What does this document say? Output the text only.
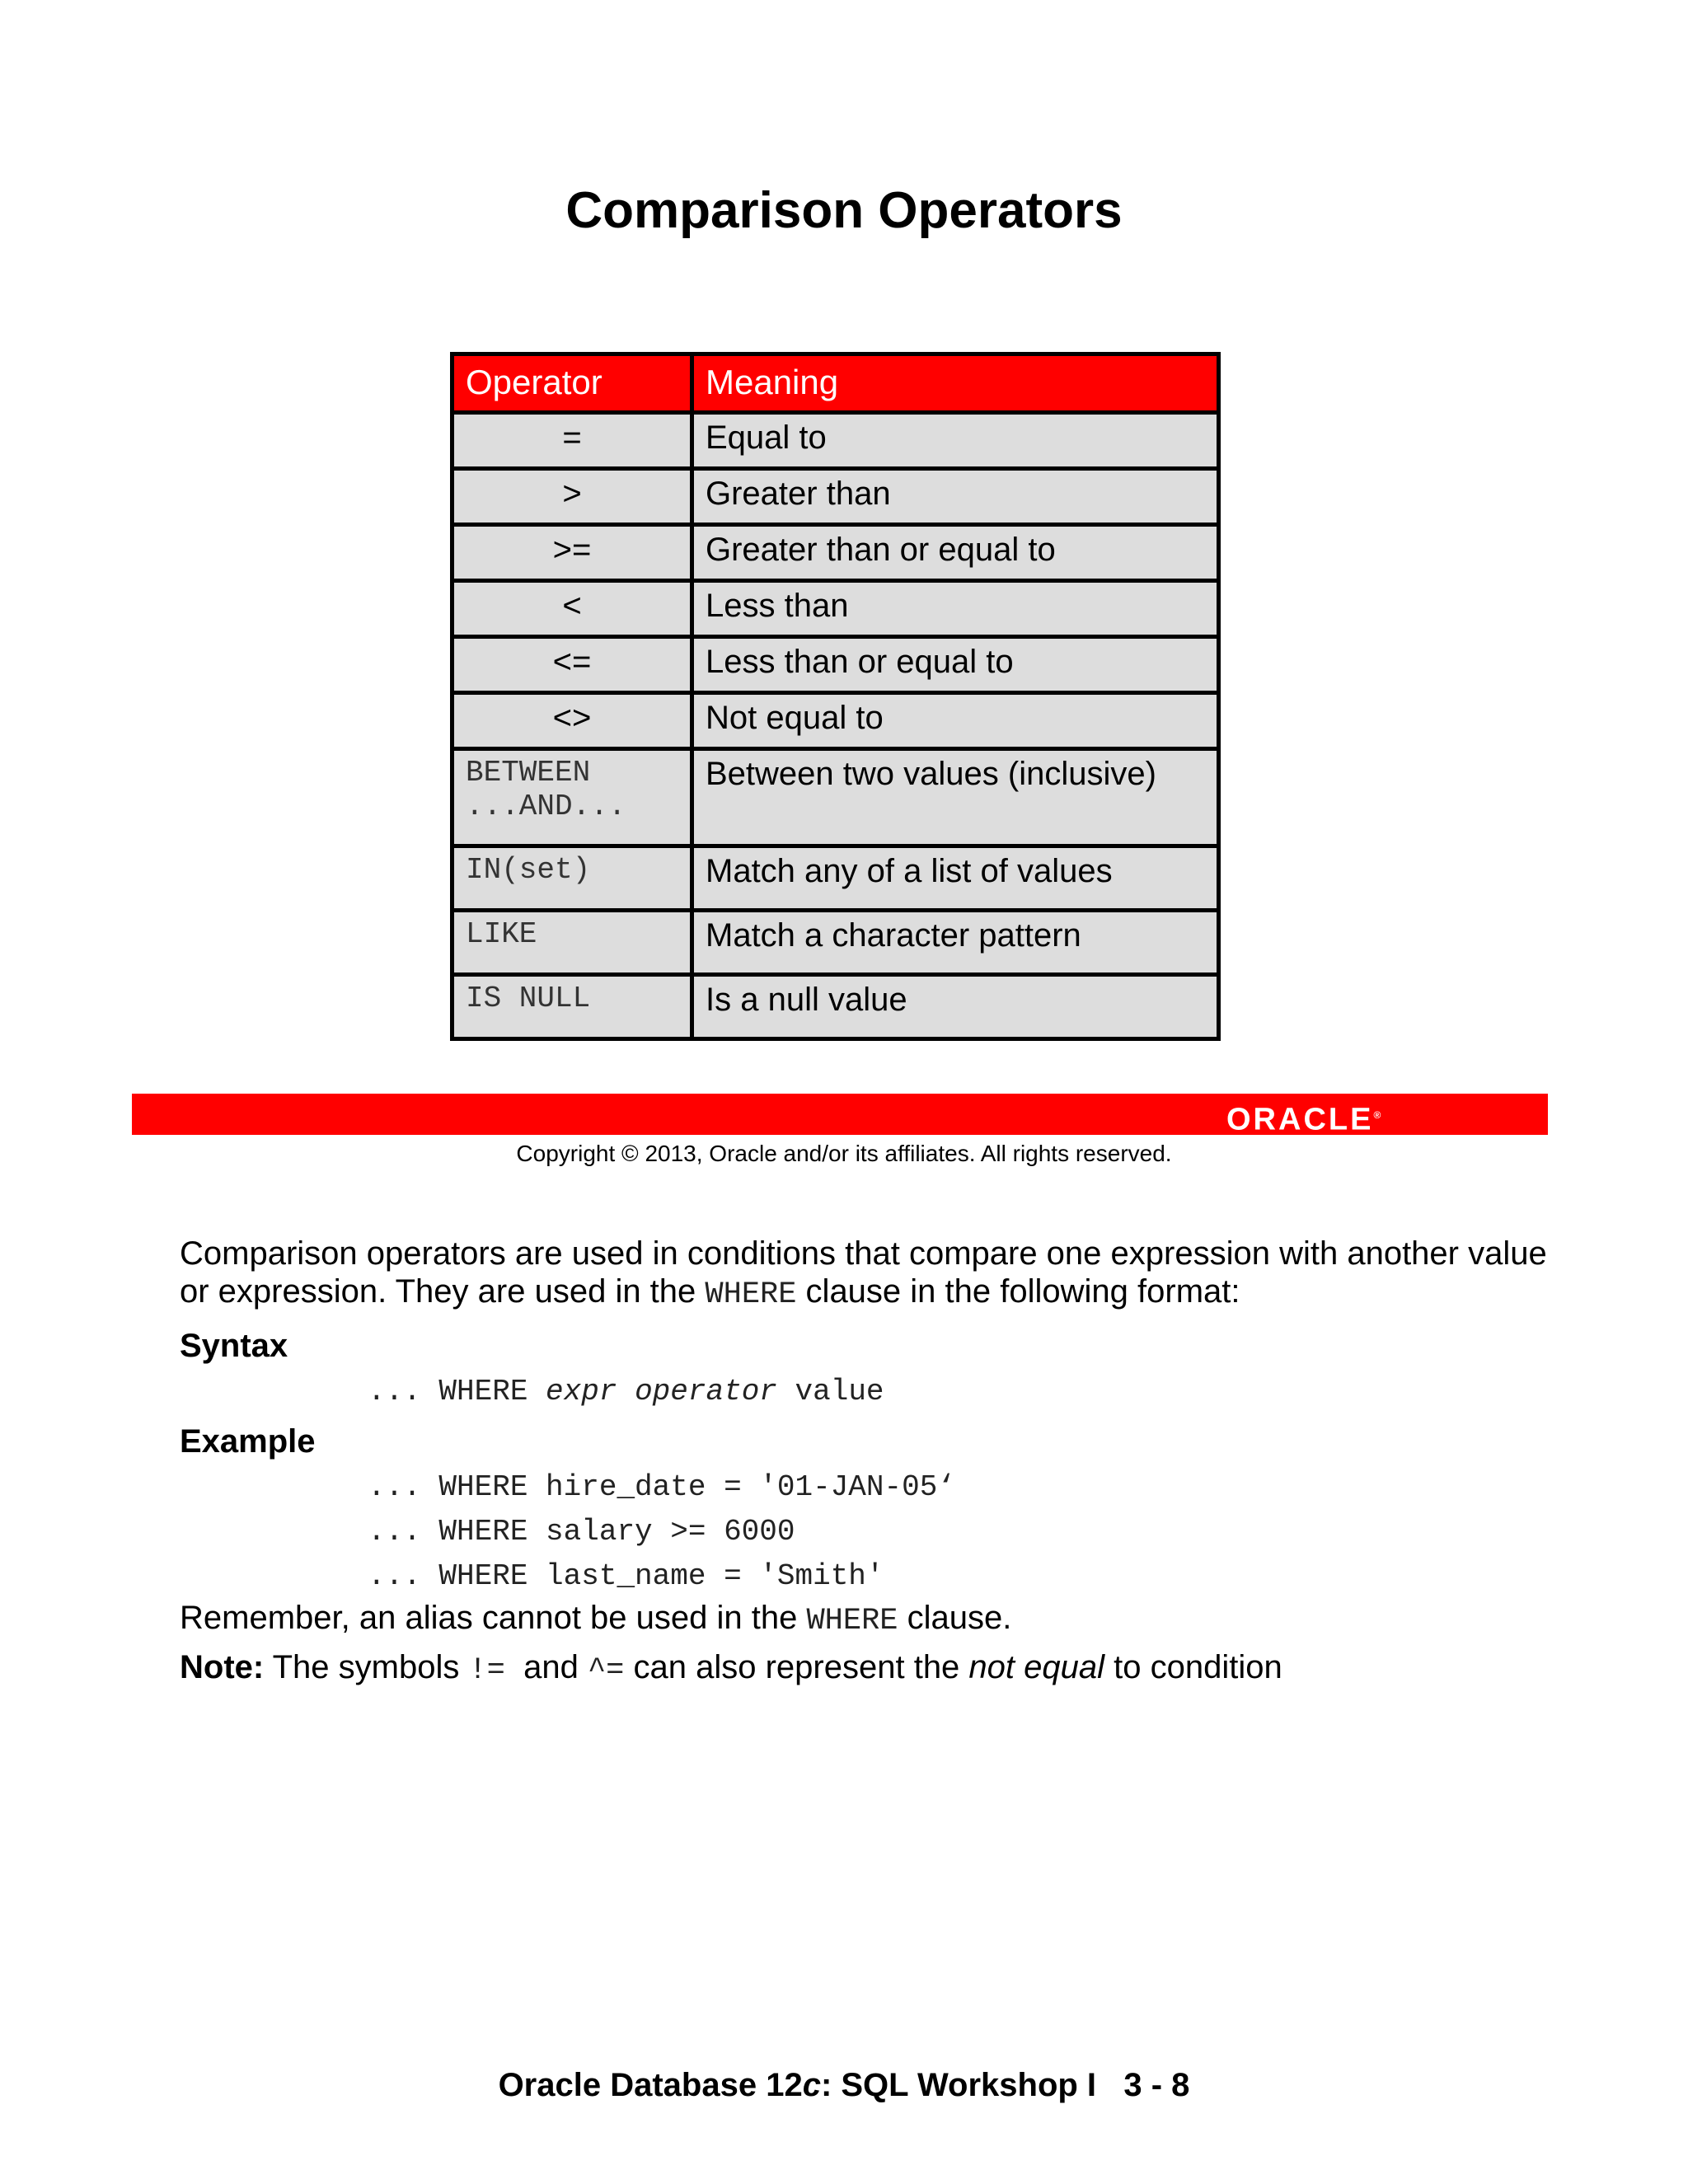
Comparison Operators
Operator	Meaning
=	Equal to
>	Greater than
>=	Greater than or equal to
<	Less than
<=	Less than or equal to
<>	Not equal to

BETWEEN
...AND...	Between two values (inclusive)
IN(set)	Match any of a list of values
LIKE	Match a character pattern
IS NULL	Is a null value
ORACLE®
Copyright © 2013, Oracle and/or its affiliates. All rights reserved.
Comparison operators are used in conditions that compare one expression with another value or expression. They are used in the WHERE clause in the following format:
Syntax
... WHERE expr operator value
Example
... WHERE hire_date = '01-JAN-05‘
... WHERE salary >= 6000
... WHERE last_name = 'Smith'
Remember, an alias cannot be used in the WHERE clause.
Note: The symbols !=  and ^= can also represent the not equal to condition
Oracle Database 12c: SQL Workshop I   3 - 8
